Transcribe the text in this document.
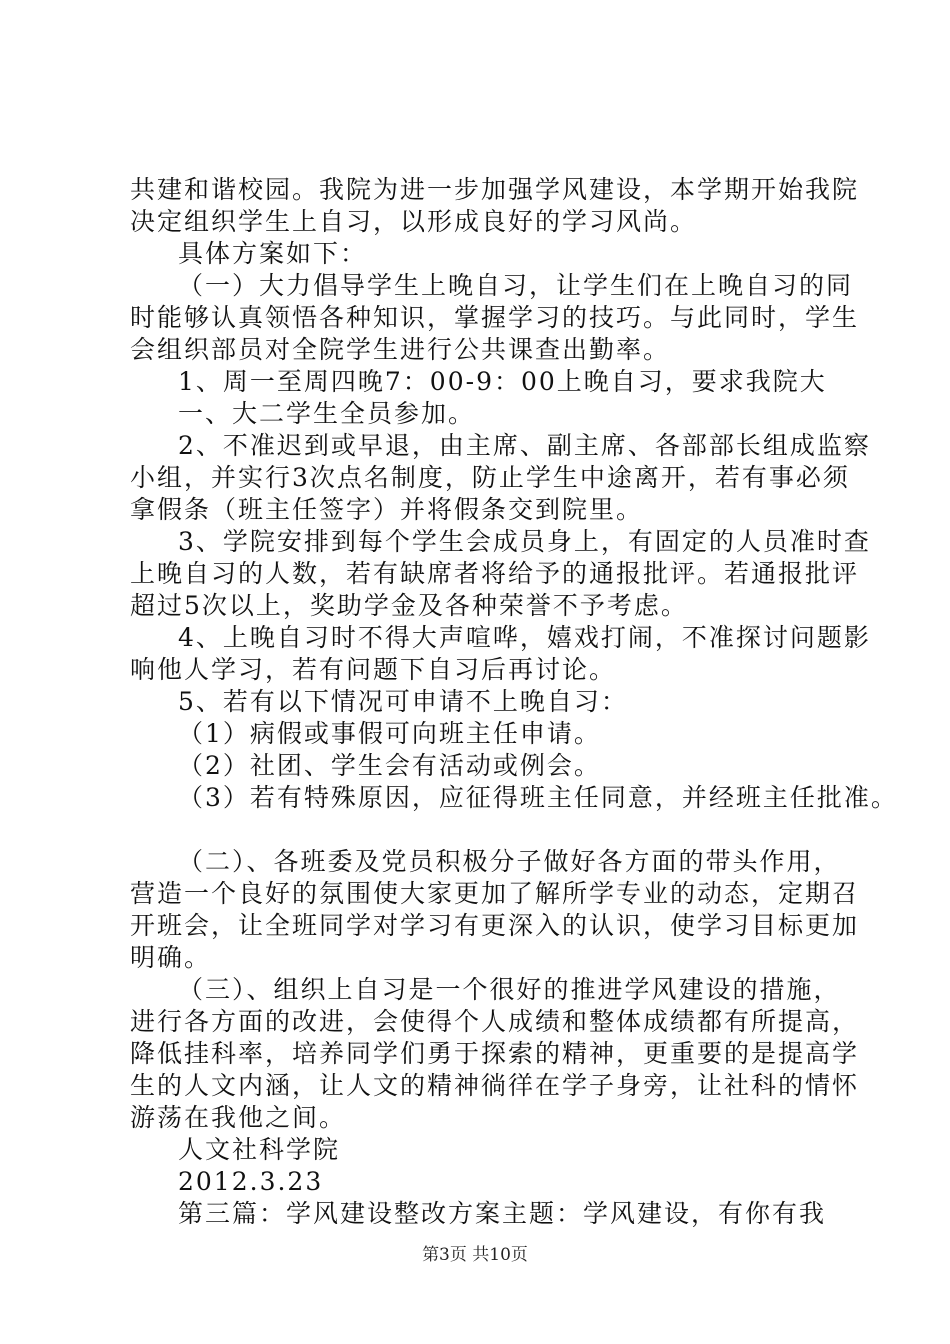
共建和谐校园。我院为进一步加强学风建设，本学期开始我院
决定组织学生上自习，以形成良好的学习风尚。
具体方案如下：
（一）大力倡导学生上晚自习，让学生们在上晚自习的同
时能够认真领悟各种知识，掌握学习的技巧。与此同时，学生
会组织部员对全院学生进行公共课查出勤率。
1、周一至周四晚7：00-9：00上晚自习，要求我院大
一、大二学生全员参加。
2、不准迟到或早退，由主席、副主席、各部部长组成监察
小组，并实行3次点名制度，防止学生中途离开，若有事必须
拿假条（班主任签字）并将假条交到院里。
3、学院安排到每个学生会成员身上，有固定的人员准时查
上晚自习的人数，若有缺席者将给予的通报批评。若通报批评
超过5次以上，奖助学金及各种荣誉不予考虑。
4、上晚自习时不得大声喧哗，嬉戏打闹，不准探讨问题影
响他人学习，若有问题下自习后再讨论。
5、若有以下情况可申请不上晚自习：
（1）病假或事假可向班主任申请。
（2）社团、学生会有活动或例会。
（3）若有特殊原因，应征得班主任同意，并经班主任批准。
（二）、各班委及党员积极分子做好各方面的带头作用，
营造一个良好的氛围使大家更加了解所学专业的动态，定期召
开班会，让全班同学对学习有更深入的认识，使学习目标更加
明确。
（三）、组织上自习是一个很好的推进学风建设的措施，
进行各方面的改进，会使得个人成绩和整体成绩都有所提高，
降低挂科率，培养同学们勇于探索的精神，更重要的是提高学
生的人文内涵，让人文的精神徜徉在学子身旁，让社科的情怀
游荡在我他之间。
人文社科学院
2012.3.23
第三篇：学风建设整改方案主题：学风建设，有你有我
第3页 共10页
